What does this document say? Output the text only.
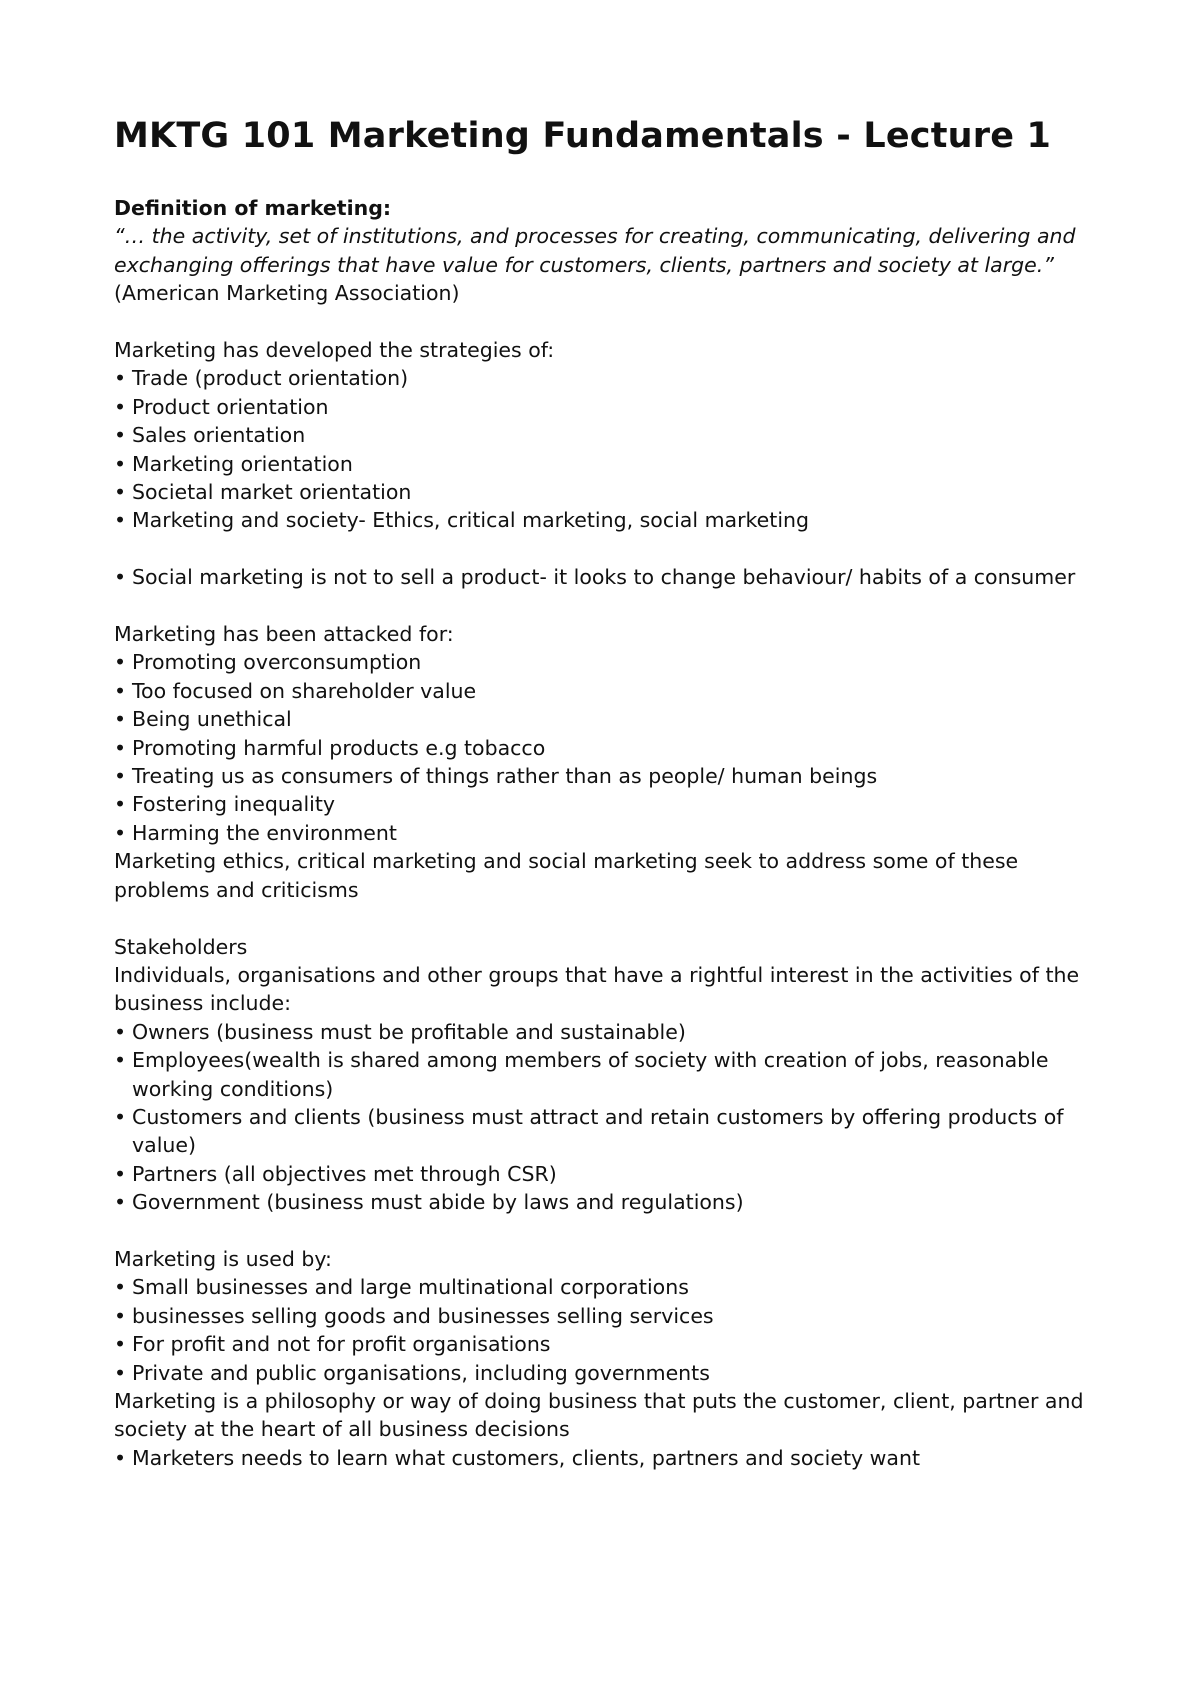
MKTG 101 Marketing Fundamentals - Lecture 1

Definition of marketing:

“… the activity, set of institutions, and processes for creating, communicating, delivering and exchanging offerings that have value for customers, clients, partners and society at large.” (American Marketing Association)

Marketing has developed the strategies of:

• Trade (product orientation)
• Product orientation
• Sales orientation
• Marketing orientation
• Societal market orientation
• Marketing and society- Ethics, critical marketing, social marketing
• Social marketing is not to sell a product- it looks to change behaviour/ habits of a consumer

Marketing has been attacked for:

• Promoting overconsumption
• Too focused on shareholder value
• Being unethical
• Promoting harmful products e.g tobacco
• Treating us as consumers of things rather than as people/ human beings
• Fostering inequality
• Harming the environment

Marketing ethics, critical marketing and social marketing seek to address some of these problems and criticisms

Stakeholders

Individuals, organisations and other groups that have a rightful interest in the activities of the business include:

• Owners (business must be profitable and sustainable)
• Employees(wealth is shared among members of society with creation of jobs, reasonable working conditions)
• Customers and clients (business must attract and retain customers by offering products of value)
• Partners (all objectives met through CSR)
• Government (business must abide by laws and regulations)

Marketing is used by:

• Small businesses and large multinational corporations
• businesses selling goods and businesses selling services
• For profit and not for profit organisations
• Private and public organisations, including governments

Marketing is a philosophy or way of doing business that puts the customer, client, partner and society at the heart of all business decisions

• Marketers needs to learn what customers, clients, partners and society want
